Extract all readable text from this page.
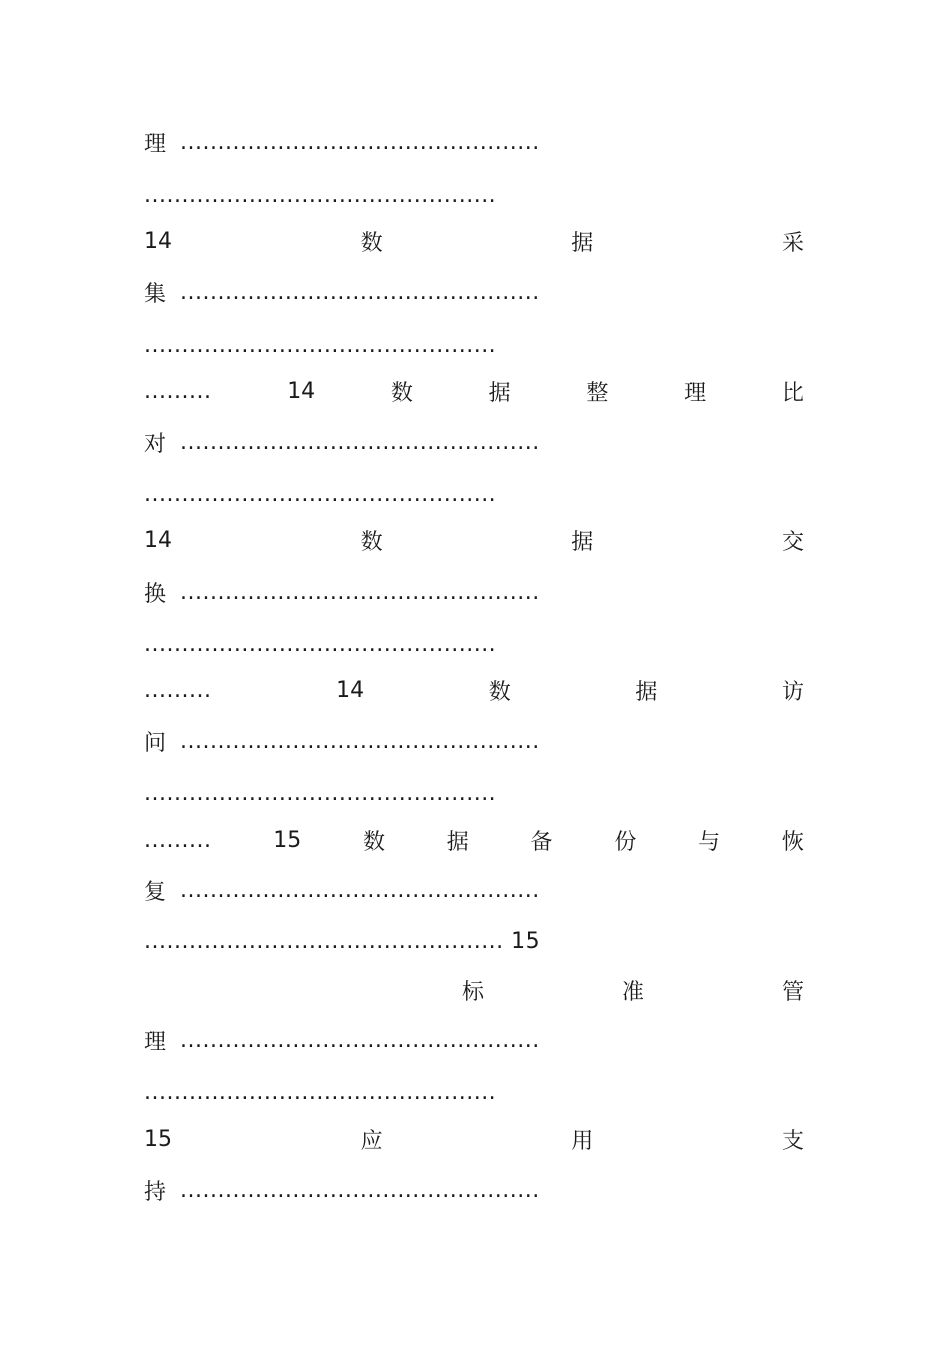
理 ................................................
...............................................
14	数	据	采
集 ................................................
...............................................
.........	14	数	据	整	理	比
对 ................................................
...............................................
14	数	据	交
换 ................................................
...............................................
.........	14	数	据	访
问 ................................................
...............................................
.........	15	数	据	备	份	与	恢
复 ................................................
................................................ 15
标	准	管
理 ................................................
...............................................
15	应	用	支
持 ................................................
